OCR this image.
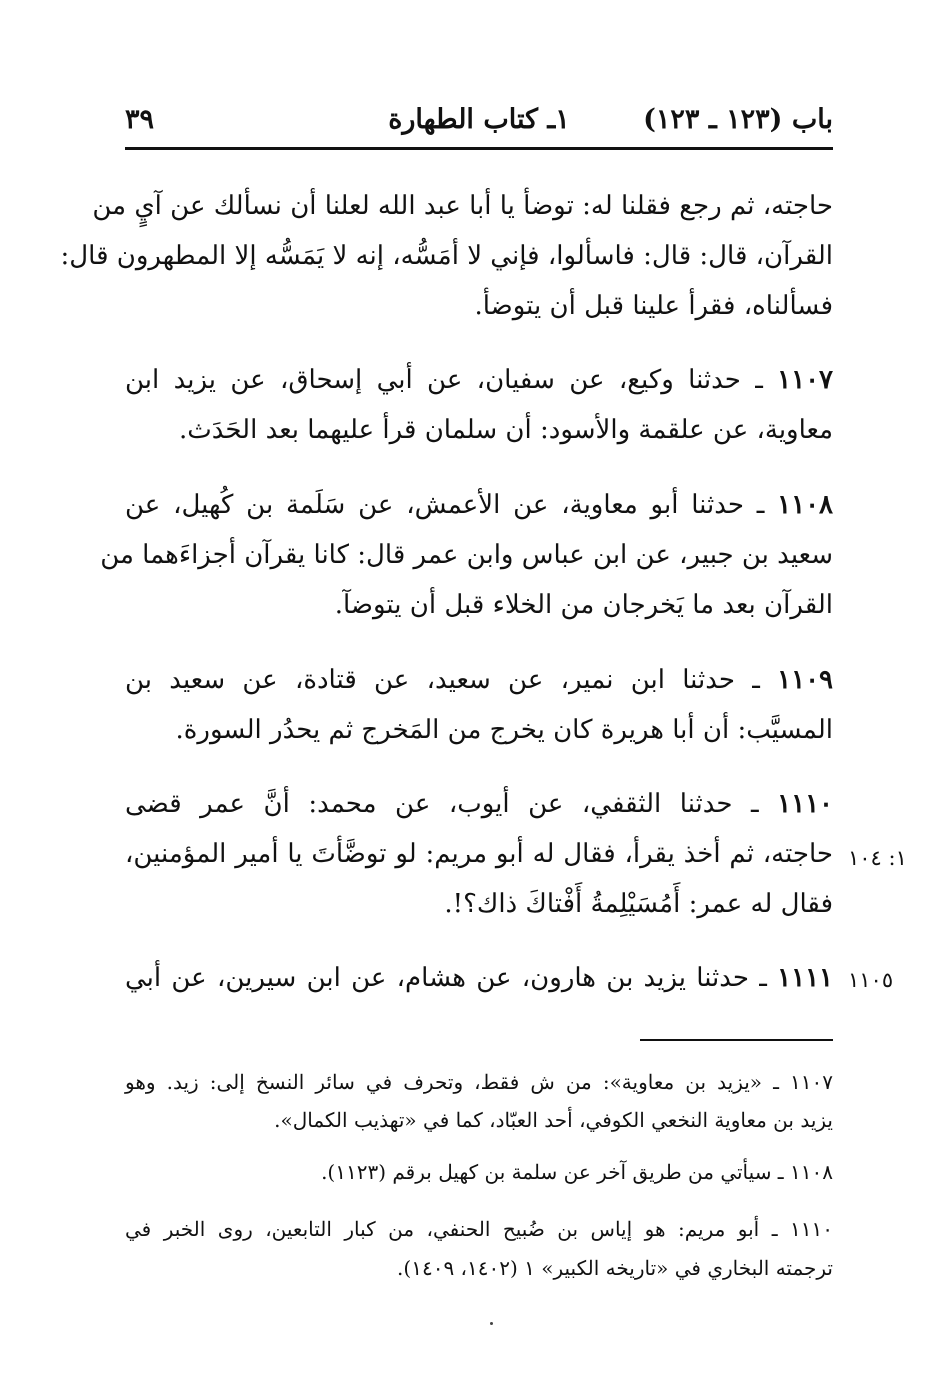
باب (١٢٣ ـ ١٢٣)
١ـ كتاب الطهارة
٣٩
حاجته، ثم رجع فقلنا له: توضأ يا أبا عبد الله لعلنا أن نسألك عن آيٍ من
القرآن، قال: قال: فاسألوا، فإني لا أمَسُّه، إنه لا يَمَسُّه إلا المطهرون قال:
فسألناه، فقرأ علينا قبل أن يتوضأ.
١١٠٧ ـ حدثنا وكيع، عن سفيان، عن أبي إسحاق، عن يزيد ابن
معاوية، عن علقمة والأسود: أن سلمان قرأ عليهما بعد الحَدَث.
١١٠٨ ـ حدثنا أبو معاوية، عن الأعمش، عن سَلَمة بن كُهيل، عن
سعيد بن جبير، عن ابن عباس وابن عمر قال: كانا يقرآن أجزاءَهما من
القرآن بعد ما يَخرجان من الخلاء قبل أن يتوضآ.
١١٠٩ ـ حدثنا ابن نمير، عن سعيد، عن قتادة، عن سعيد بن
المسيَّب: أن أبا هريرة كان يخرج من المَخرج ثم يحدُر السورة.
١١١٠ ـ حدثنا الثقفي، عن أيوب، عن محمد: أنَّ عمر قضى
حاجته، ثم أخذ يقرأ، فقال له أبو مريم: لو توضَّأتَ يا أمير المؤمنين،
فقال له عمر: أَمُسَيْلِمةُ أَفْتاكَ ذاك؟!.
١١١١ ـ حدثنا يزيد بن هارون، عن هشام، عن ابن سيرين، عن أبي
١: ١٠٤
١١٠٥
١١٠٧ ـ «يزيد بن معاوية»: من ش فقط، وتحرف في سائر النسخ إلى: زيد. وهو
يزيد بن معاوية النخعي الكوفي، أحد العبّاد، كما في «تهذيب الكمال».
١١٠٨ ـ سيأتي من طريق آخر عن سلمة بن كهيل برقم (١١٢٣).
١١١٠ ـ أبو مريم: هو إياس بن ضُبيح الحنفي، من كبار التابعين، روى الخبر في
ترجمته البخاري في «تاريخه الكبير» ١ (١٤٠٢، ١٤٠٩).
